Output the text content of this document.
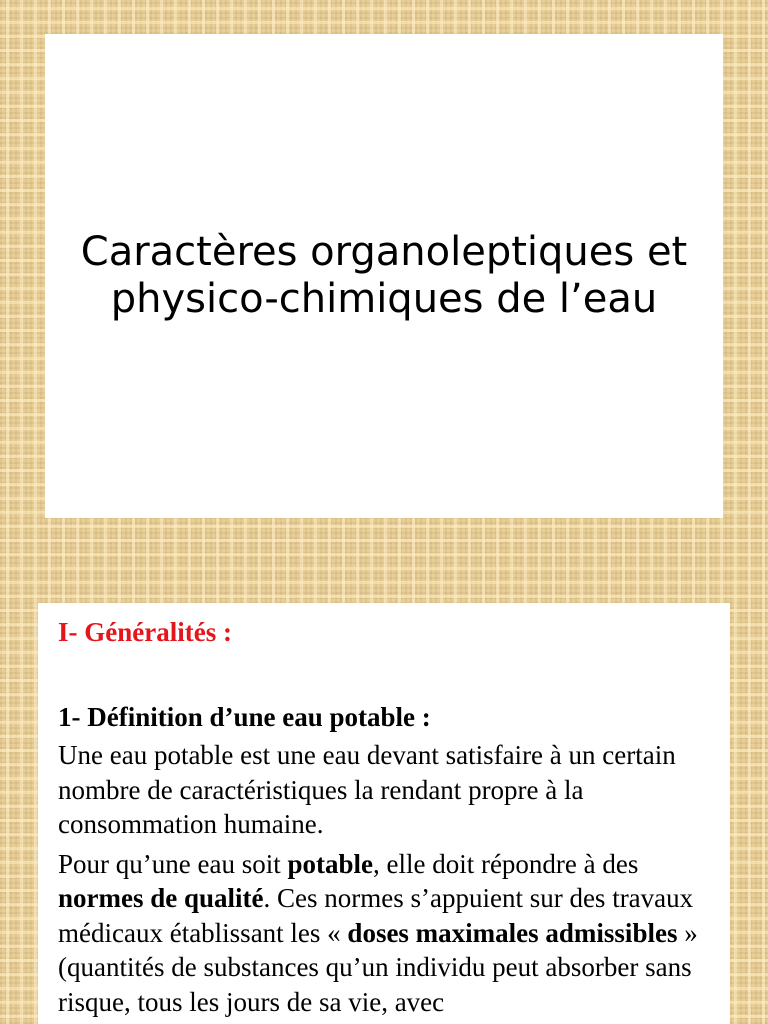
Caractères organoleptiques et
physico-chimiques de l’eau

I- Généralités :

1- Définition d’une eau potable :

Une eau potable est une eau devant satisfaire à un certain nombre de caractéristiques la rendant propre à la consommation humaine.

Pour qu’une eau soit potable, elle doit répondre à des normes de qualité. Ces normes s’appuient sur des travaux médicaux établissant les « doses maximales admissibles » (quantités de substances qu’un individu peut absorber sans risque, tous les jours de sa vie, avec
